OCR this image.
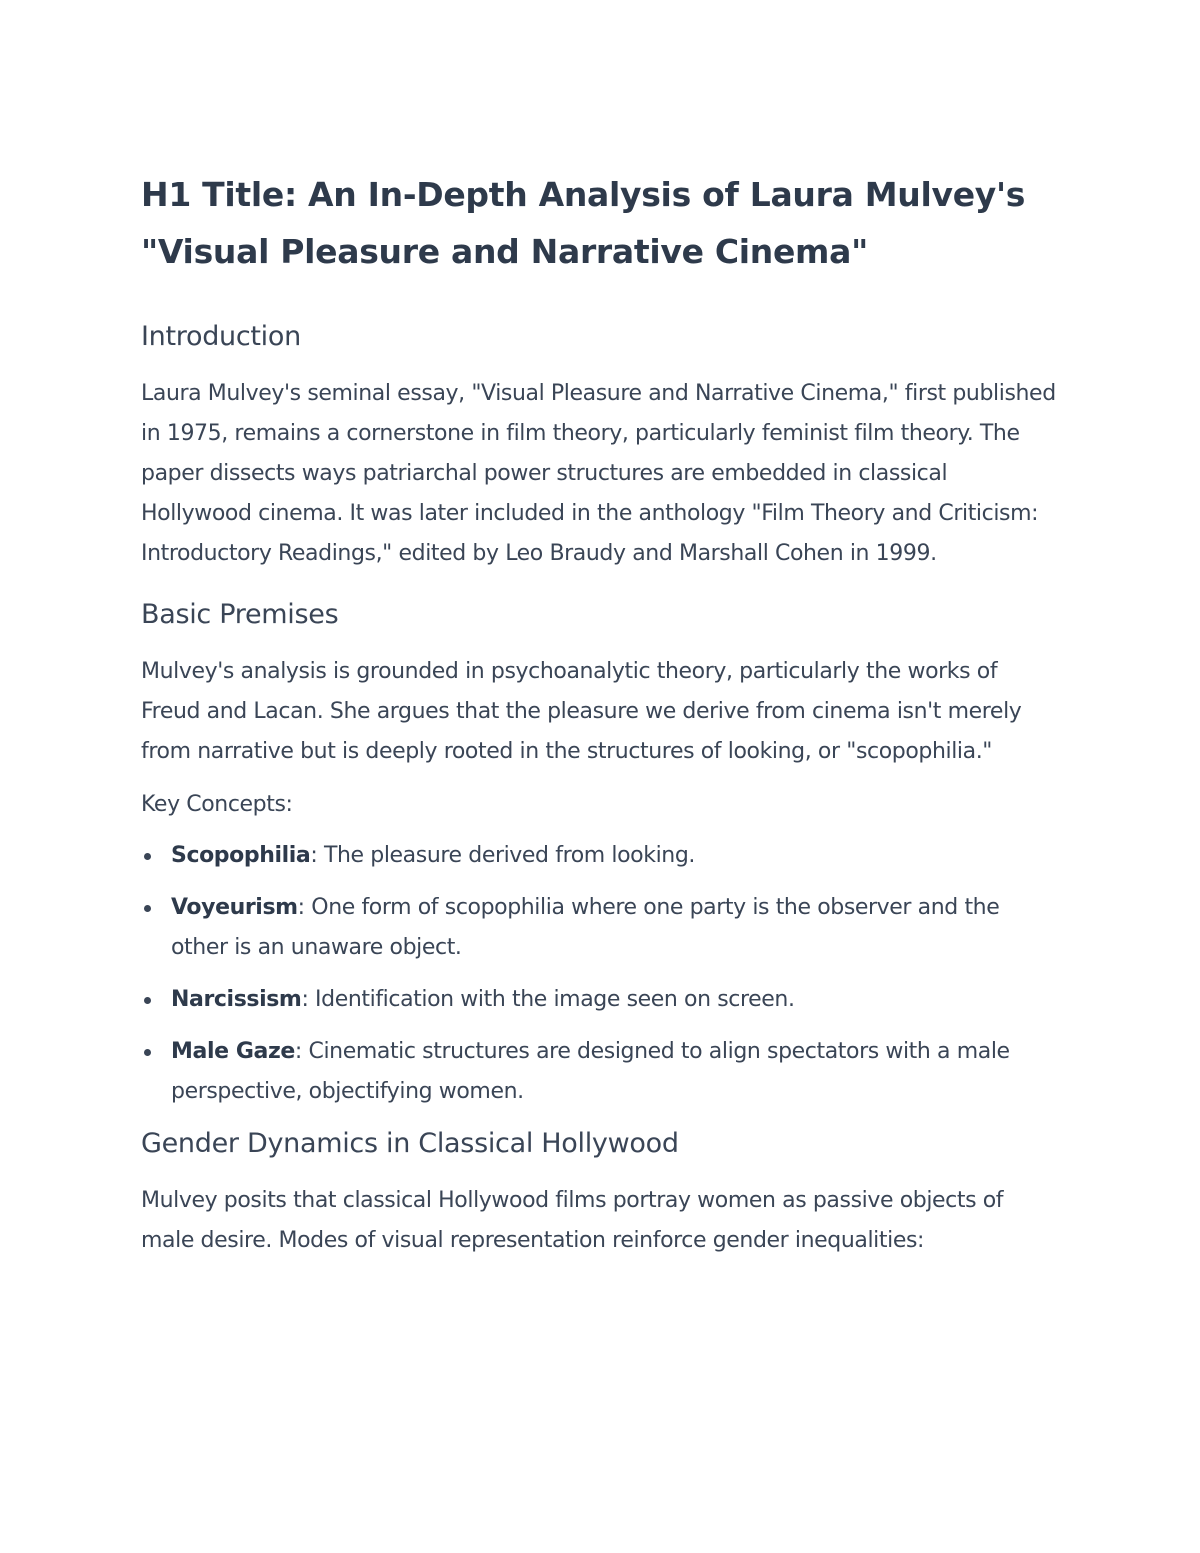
H1 Title: An In-Depth Analysis of Laura Mulvey's "Visual Pleasure and Narrative Cinema"
Introduction

Laura Mulvey's seminal essay, "Visual Pleasure and Narrative Cinema," first published in 1975, remains a cornerstone in film theory, particularly feminist film theory. The paper dissects ways patriarchal power structures are embedded in classical Hollywood cinema. It was later included in the anthology "Film Theory and Criticism: Introductory Readings," edited by Leo Braudy and Marshall Cohen in 1999.

Basic Premises

Mulvey's analysis is grounded in psychoanalytic theory, particularly the works of Freud and Lacan. She argues that the pleasure we derive from cinema isn't merely from narrative but is deeply rooted in the structures of looking, or "scopophilia."

Key Concepts:

Scopophilia: The pleasure derived from looking.
Voyeurism: One form of scopophilia where one party is the observer and the other is an unaware object.
Narcissism: Identification with the image seen on screen.
Male Gaze: Cinematic structures are designed to align spectators with a male perspective, objectifying women.
Gender Dynamics in Classical Hollywood

Mulvey posits that classical Hollywood films portray women as passive objects of male desire. Modes of visual representation reinforce gender inequalities:
